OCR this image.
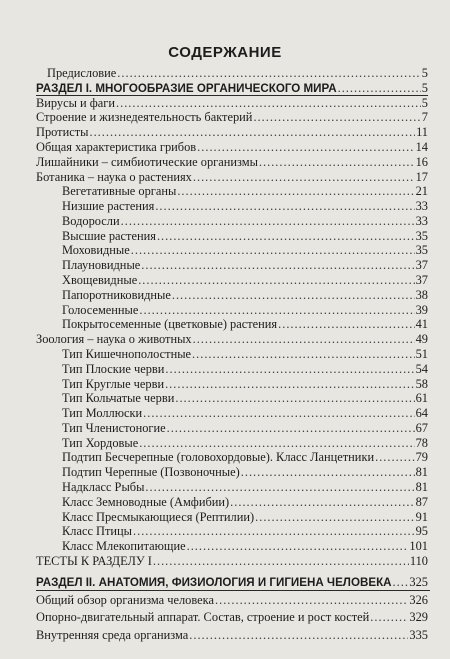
СОДЕРЖАНИЕ
Предисловие .....	5
РАЗДЕЛ I. МНОГООБРАЗИЕ ОРГАНИЧЕСКОГО МИРА .....	5
Вирусы и фаги .....	5
Строение и жизнедеятельность бактерий .....	7
Протисты .....	11
Общая характеристика грибов .....	14
Лишайники – симбиотические организмы .....	16
Ботаника – наука о растениях .....	17
Вегетативные органы .....	21
Низшие растения .....	33
Водоросли .....	33
Высшие растения .....	35
Моховидные .....	35
Плауновидные .....	37
Хвощевидные .....	37
Папоротниковидные .....	38
Голосеменные .....	39
Покрытосеменные (цветковые) растения .....	41
Зоология – наука о животных .....	49
Тип Кишечнополостные .....	51
Тип Плоские черви .....	54
Тип Круглые черви .....	58
Тип Кольчатые черви .....	61
Тип Моллюски .....	64
Тип Членистоногие .....	67
Тип Хордовые .....	78
Подтип Бесчерепные (головохордовые). Класс Ланцетники .....	79
Подтип Черепные (Позвоночные) .....	81
Надкласс Рыбы .....	81
Класс Земноводные (Амфибии) .....	87
Класс Пресмыкающиеся (Рептилии) .....	91
Класс Птицы .....	95
Класс Млекопитающие .....	101
ТЕСТЫ К РАЗДЕЛУ I .....	110
РАЗДЕЛ II. АНАТОМИЯ, ФИЗИОЛОГИЯ И ГИГИЕНА ЧЕЛОВЕКА ..... 325
Общий обзор организма человека .....	326
Опорно-двигательный аппарат. Состав, строение и рост костей .....	329
Внутренняя среда организма .....	335
